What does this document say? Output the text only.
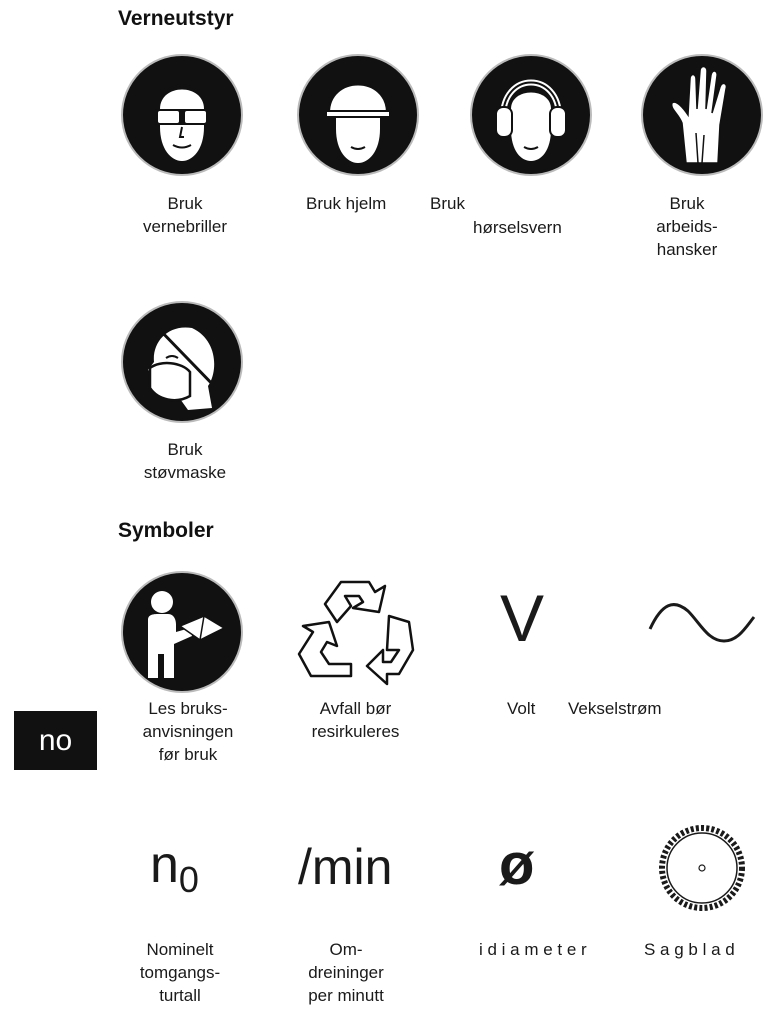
Verneutstyr
Bruk
vernebriller
Bruk hjelm	Bruk
hørselsvern
Bruk
arbeids-
hansker
Bruk
støvmaske
Symboler
Les bruks-
anvisningen
før bruk
Avfall bør
resirkuleres
V
Volt Vekselstrøm
n0
Nominelt
tomgangs-
turtall
/min
Om-
dreininger
per minutt
ø
i d i a m e t e r	S a g b l a d
no
